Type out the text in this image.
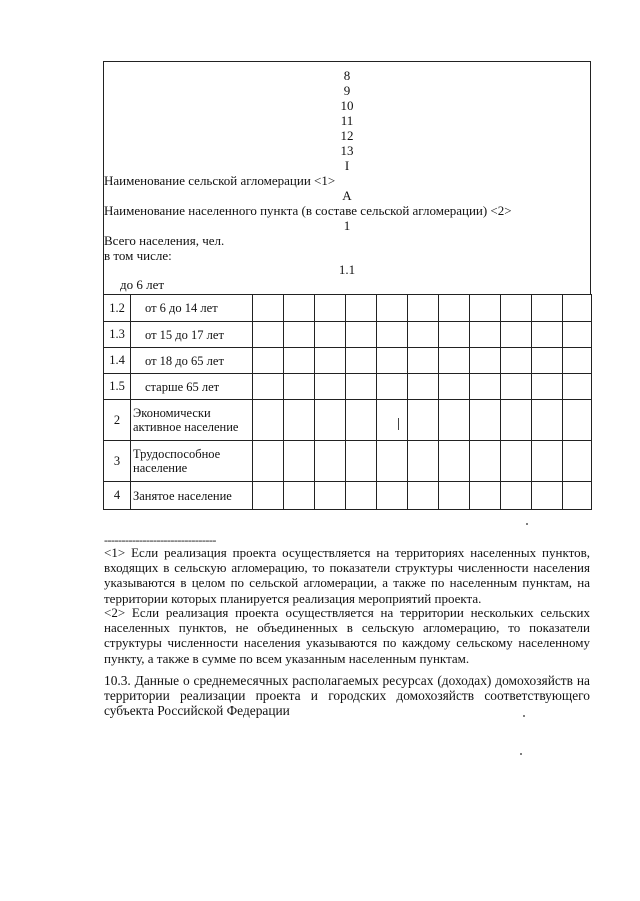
8
9
10
11
12
13
I
Наименование сельской агломерации <1>
А
Наименование населенного пункта (в составе сельской агломерации) <2>
1
Всего населения, чел.
в том числе:
1.1
до 6 лет
1.2	от 6 до 14 лет											
1.3	от 15 до 17 лет											
1.4	от 18 до 65 лет											
1.5	старше 65 лет											
2	Экономически активное население											
3	Трудоспособное население											
4	Занятое население											
--------------------------------
<1> Если реализация проекта осуществляется на территориях населенных пунктов, входящих в сельскую агломерацию, то показатели структуры численности населения указываются в целом по сельской агломерации, а также по населенным пунктам, на территории которых планируется реализация мероприятий проекта.
<2> Если реализация проекта осуществляется на территории нескольких сельских населенных пунктов, не объединенных в сельскую агломерацию, то показатели структуры численности населения указываются по каждому сельскому населенному пункту, а также в сумме по всем указанным населенным пунктам.
10.3. Данные о среднемесячных располагаемых ресурсах (доходах) домохозяйств на территории реализации проекта и городских домохозяйств соответствующего субъекта Российской Федерации
